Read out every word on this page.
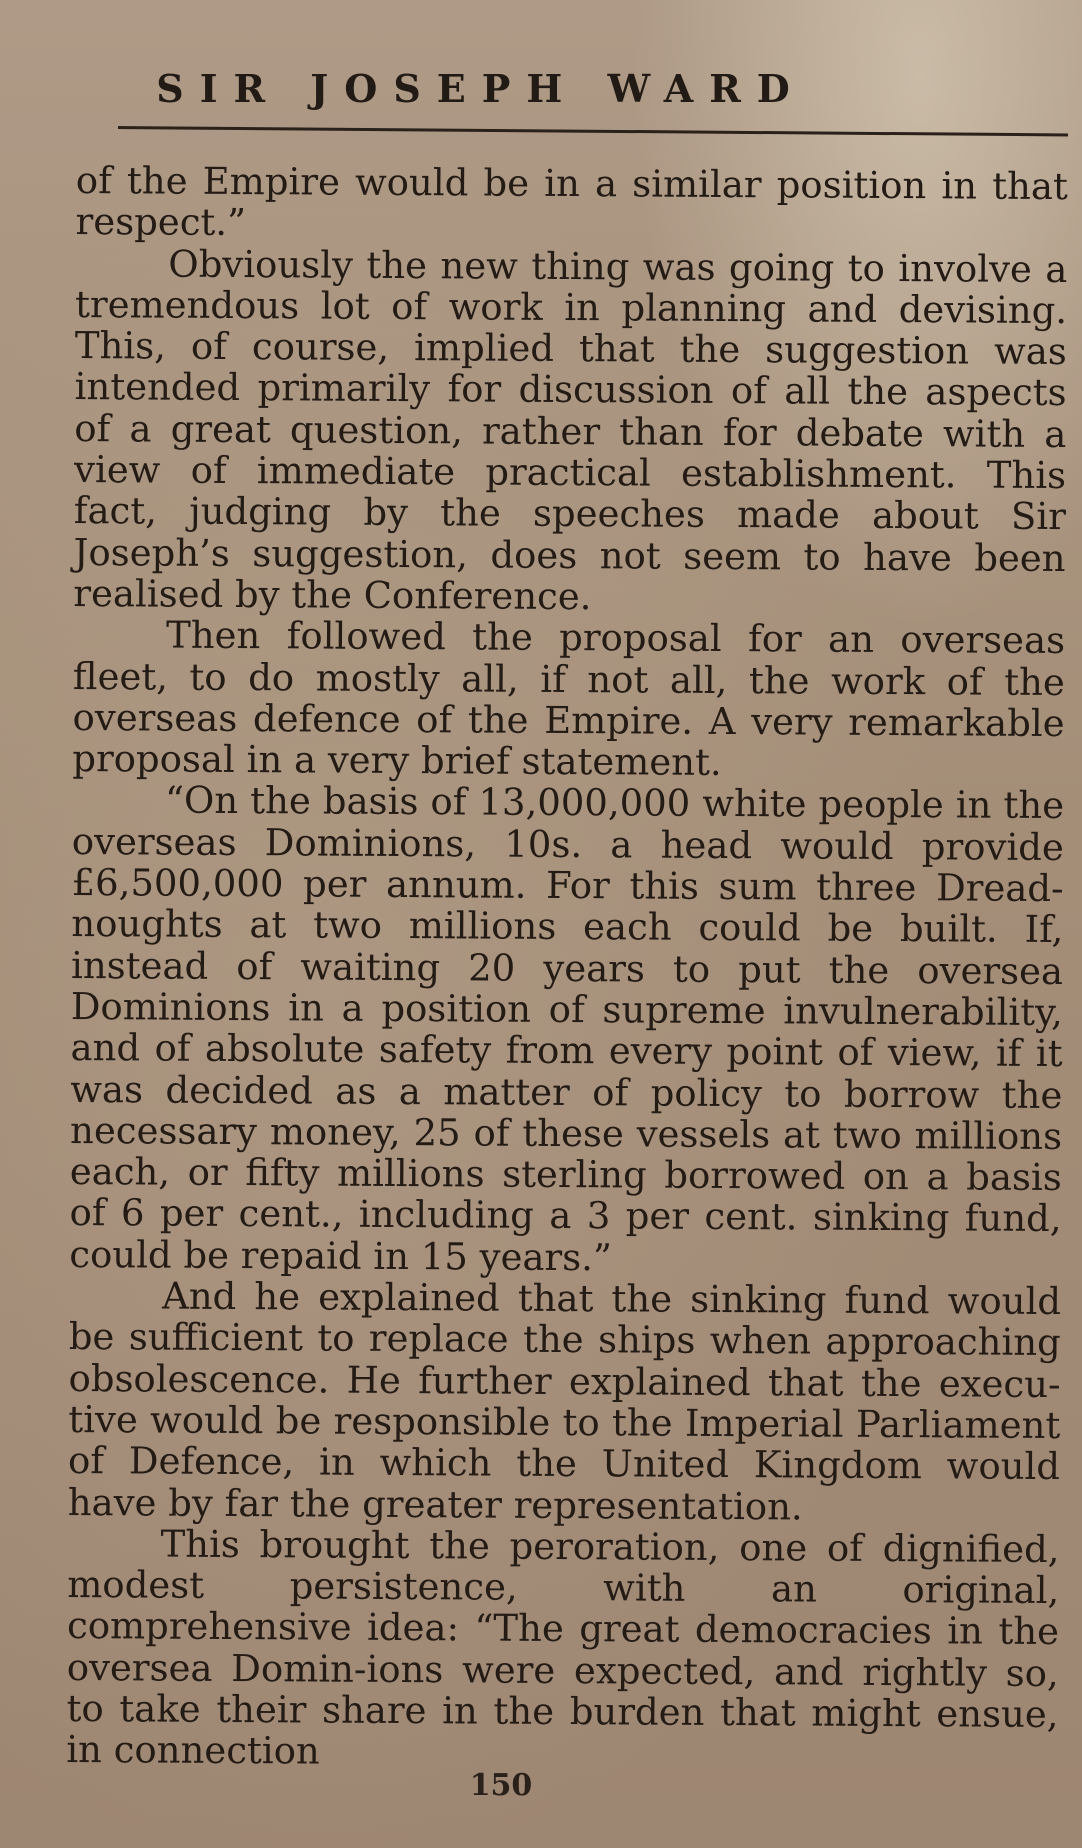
SIR JOSEPH WARD

of the Empire would be in a similar position in that respect.”

Obviously the new thing was going to involve a tremendous lot of work in planning and devising. This, of course, implied that the suggestion was intended primarily for discussion of all the aspects of a great question, rather than for debate with a view of immediate practical establishment. This fact, judging by the speeches made about Sir Joseph’s suggestion, does not seem to have been realised by the Conference.

Then followed the proposal for an overseas fleet, to do mostly all, if not all, the work of the overseas defence of the Empire. A very remarkable proposal in a very brief statement.

“On the basis of 13,000,000 white people in the overseas Dominions, 10s. a head would provide £6,500,000 per annum. For this sum three Dread-noughts at two millions each could be built. If, instead of waiting 20 years to put the oversea Dominions in a position of supreme invulnerability, and of absolute safety from every point of view, if it was decided as a matter of policy to borrow the necessary money, 25 of these vessels at two millions each, or fifty millions sterling borrowed on a basis of 6 per cent., including a 3 per cent. sinking fund, could be repaid in 15 years.”

And he explained that the sinking fund would be sufficient to replace the ships when approaching obsolescence. He further explained that the execu-tive would be responsible to the Imperial Parliament of Defence, in which the United Kingdom would have by far the greater representation.

This brought the peroration, one of dignified, modest persistence, with an original, comprehensive idea: “The great democracies in the oversea Domin-ions were expected, and rightly so, to take their share in the burden that might ensue, in connection

150
